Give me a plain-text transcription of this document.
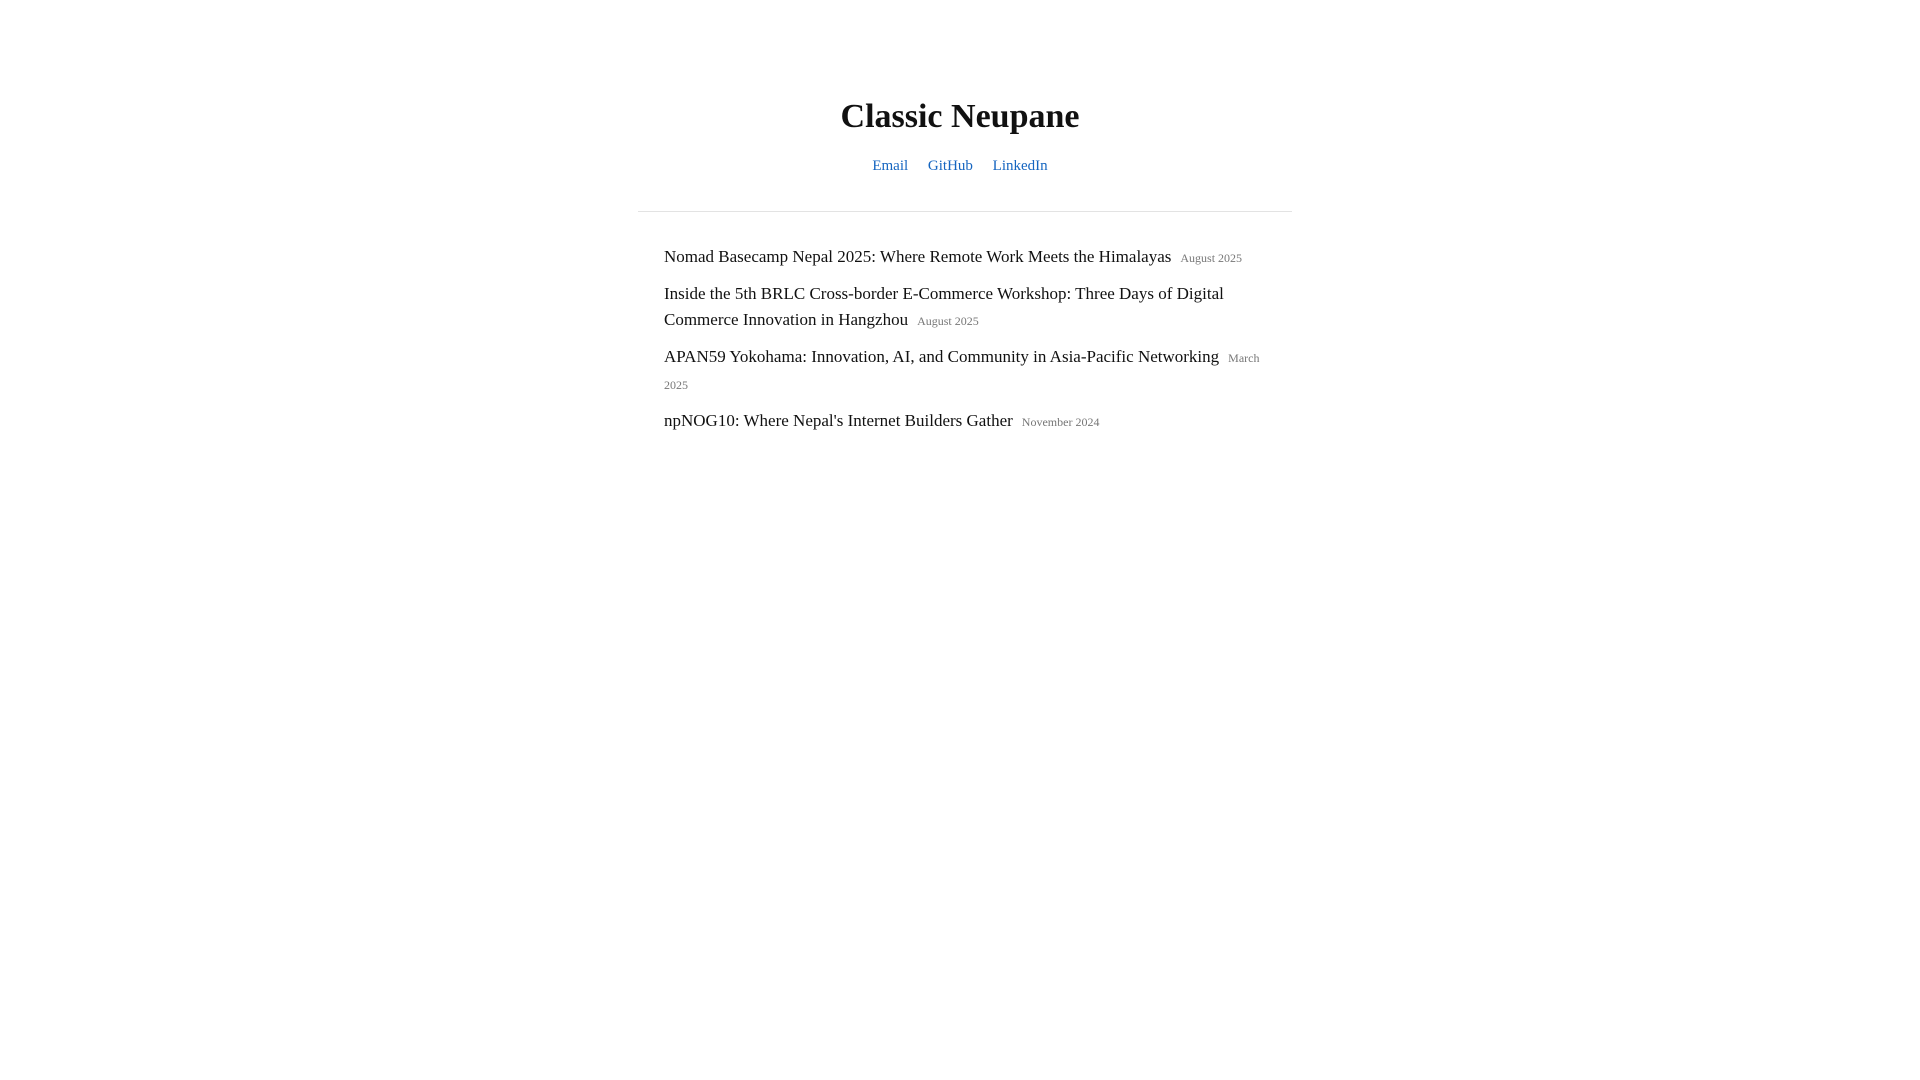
Classic Neupane
Email GitHub LinkedIn
Nomad Basecamp Nepal 2025: Where Remote Work Meets the Himalayas August 2025
Inside the 5th BRLC Cross-border E-Commerce Workshop: Three Days of Digital Commerce Innovation in Hangzhou August 2025
APAN59 Yokohama: Innovation, AI, and Community in Asia-Pacific Networking March 2025
npNOG10: Where Nepal's Internet Builders Gather November 2024
